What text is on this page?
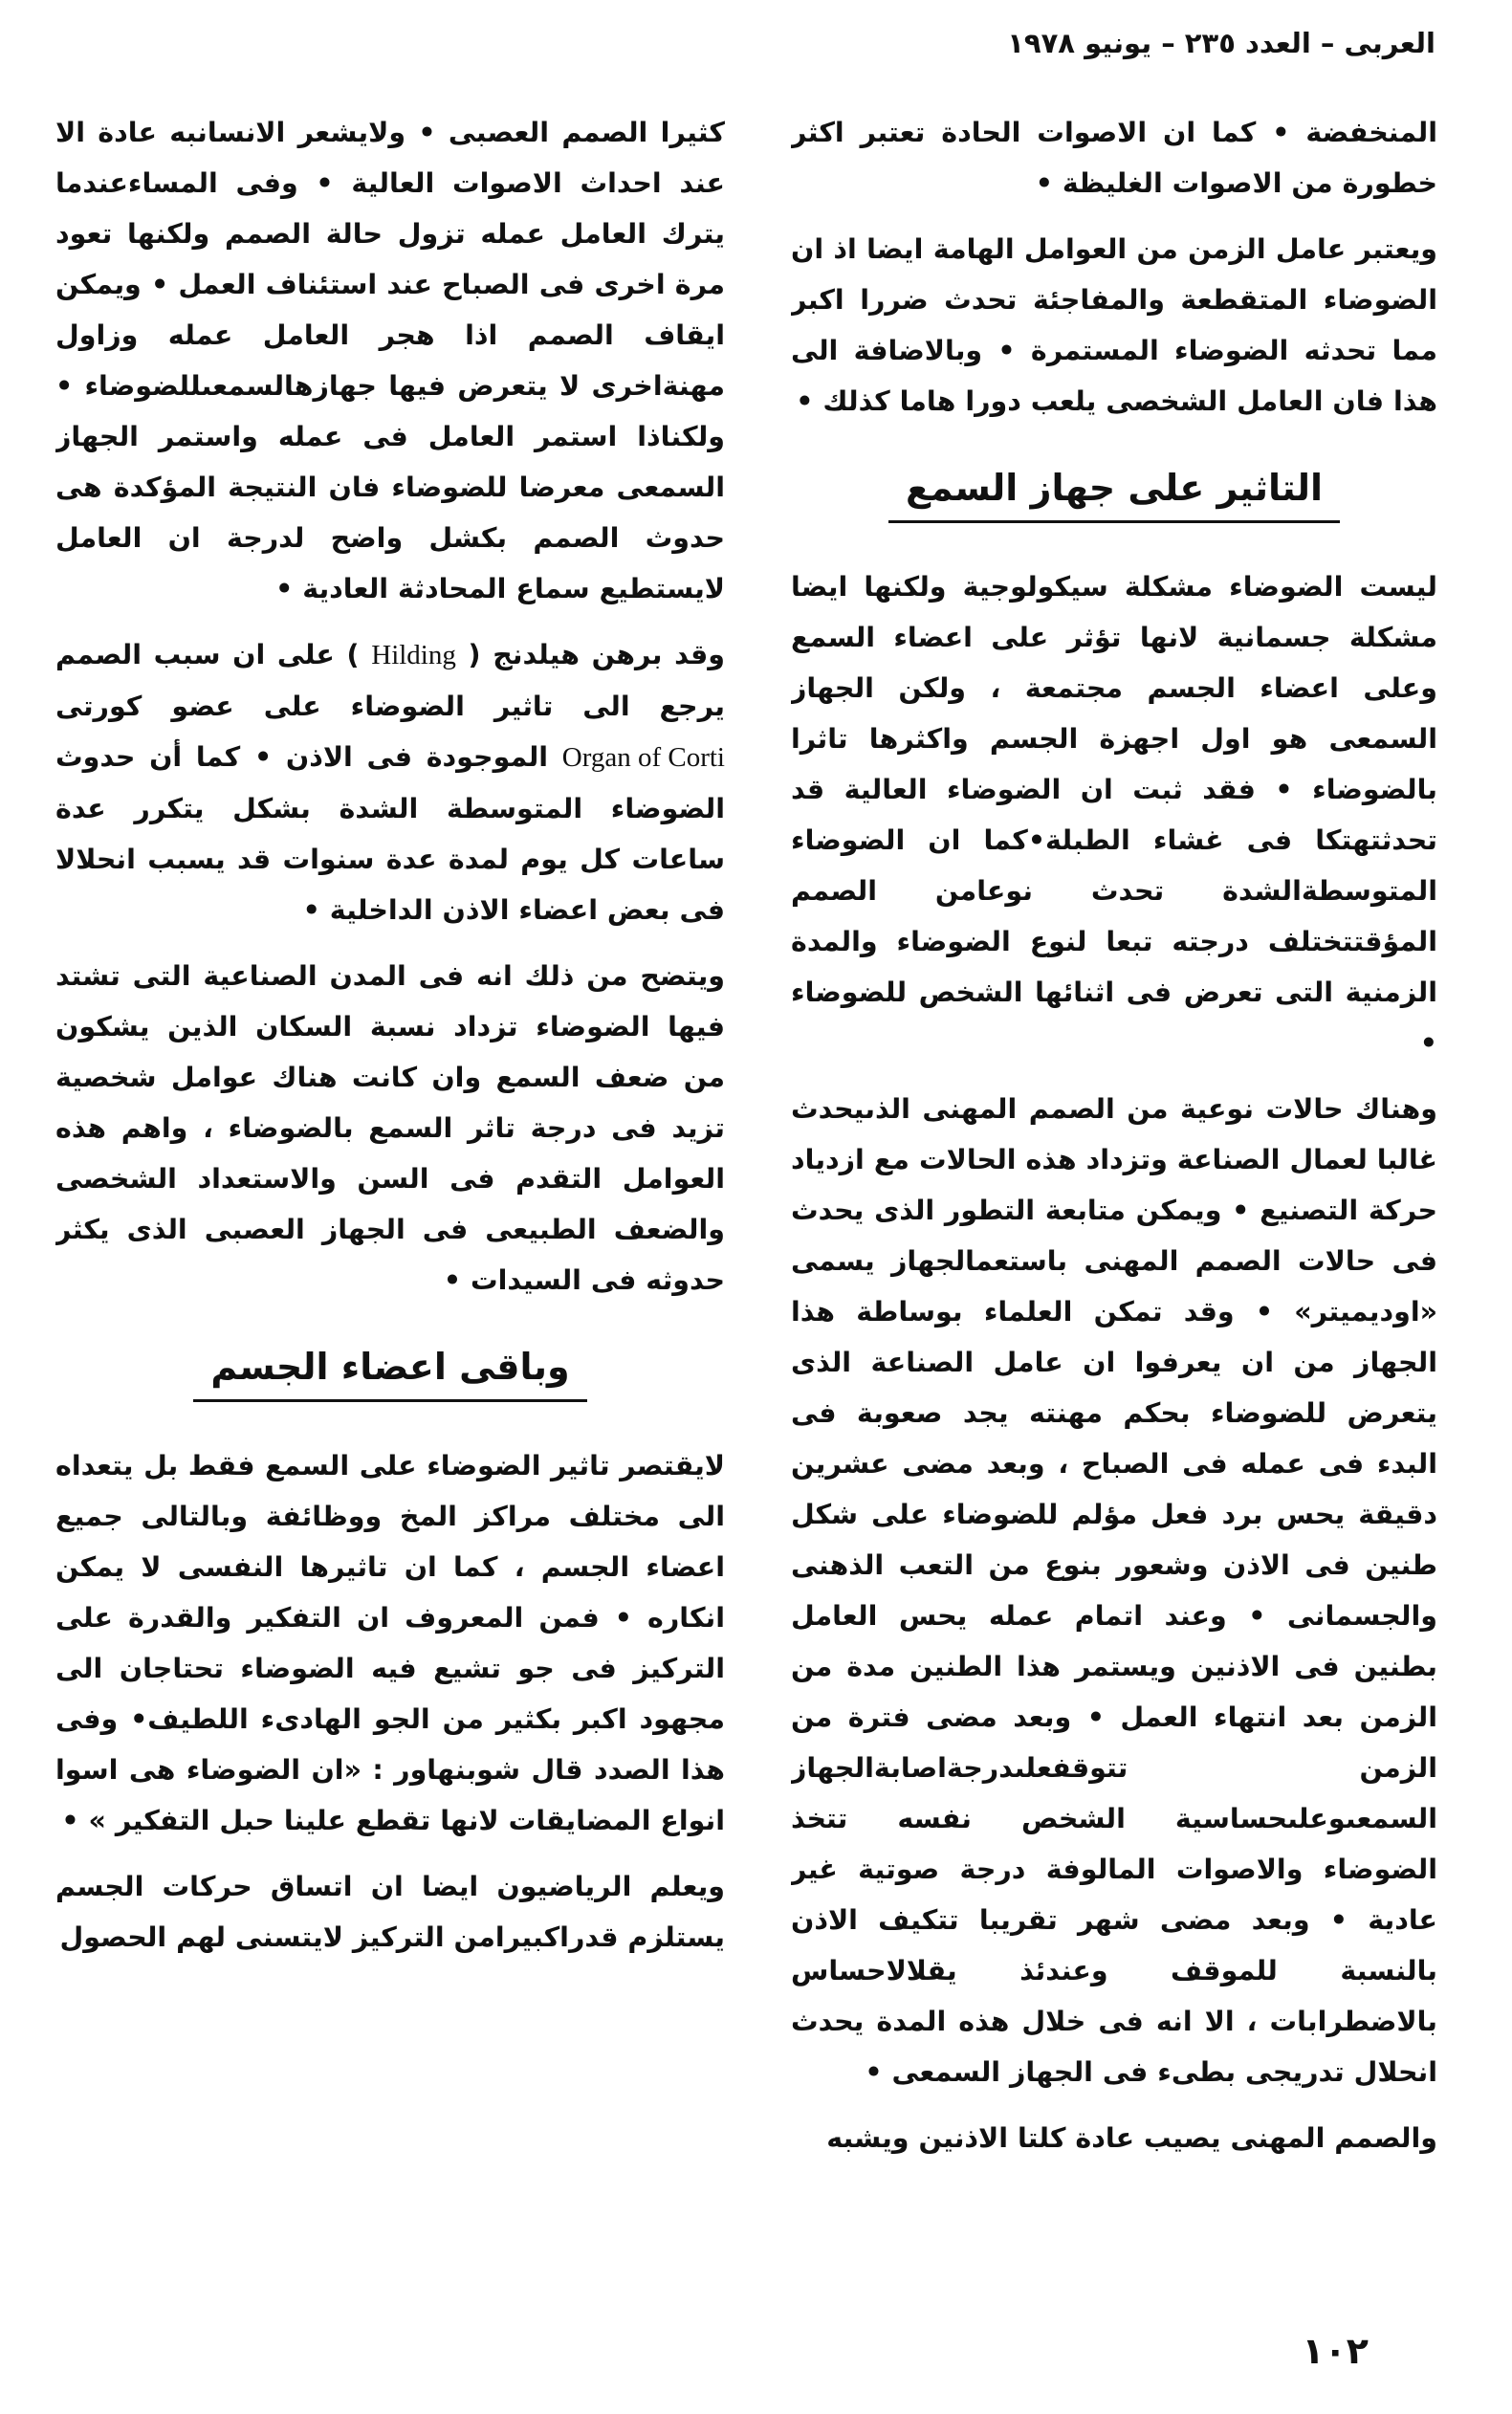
العربى – العدد ٢٣٥ – يونيو ١٩٧٨

المنخفضة • كما ان الاصوات الحادة تعتبر اكثر خطورة من الاصوات الغليظة •

ويعتبر عامل الزمن من العوامل الهامة ايضا اذ ان الضوضاء المتقطعة والمفاجئة تحدث ضررا اكبر مما تحدثه الضوضاء المستمرة • وبالاضافة الى هذا فان العامل الشخصى يلعب دورا هاما كذلك •

التاثير على جهاز السمع

ليست الضوضاء مشكلة سيكولوجية ولكنها ايضا مشكلة جسمانية لانها تؤثر على اعضاء السمع وعلى اعضاء الجسم مجتمعة ، ولكن الجهاز السمعى هو اول اجهزة الجسم واكثرها تاثرا بالضوضاء • فقد ثبت ان الضوضاء العالية قد تحدثتهتكا فى غشاء الطبلة•كما ان الضوضاء المتوسطةالشدة تحدث نوعامن الصمم المؤقتتختلف درجته تبعا لنوع الضوضاء والمدة الزمنية التى تعرض فى اثنائها الشخص للضوضاء •

وهناك حالات نوعية من الصمم المهنى الذىيحدث غالبا لعمال الصناعة وتزداد هذه الحالات مع ازدياد حركة التصنيع • ويمكن متابعة التطور الذى يحدث فى حالات الصمم المهنى باستعمالجهاز يسمى «اوديميتر» • وقد تمكن العلماء بوساطة هذا الجهاز من ان يعرفوا ان عامل الصناعة الذى يتعرض للضوضاء بحكم مهنته يجد صعوبة فى البدء فى عمله فى الصباح ، وبعد مضى عشرين دقيقة يحس برد فعل مؤلم للضوضاء على شكل طنين فى الاذن وشعور بنوع من التعب الذهنى والجسمانى • وعند اتمام عمله يحس العامل بطنين فى الاذنين ويستمر هذا الطنين مدة من الزمن بعد انتهاء العمل • وبعد مضى فترة من الزمن تتوقفعلىدرجةاصابةالجهاز السمعىوعلىحساسية الشخص نفسه تتخذ الضوضاء والاصوات المالوفة درجة صوتية غير عادية • وبعد مضى شهر تقريبا تتكيف الاذن بالنسبة للموقف وعندئذ يقلالاحساس بالاضطرابات ، الا انه فى خلال هذه المدة يحدث انحلال تدريجى بطىء فى الجهاز السمعى •

والصمم المهنى يصيب عادة كلتا الاذنين ويشبه

كثيرا الصمم العصبى • ولايشعر الانسانبه عادة الا عند احداث الاصوات العالية • وفى المساءعندما يترك العامل عمله تزول حالة الصمم ولكنها تعود مرة اخرى فى الصباح عند استئناف العمل • ويمكن ايقاف الصمم اذا هجر العامل عمله وزاول مهنةاخرى لا يتعرض فيها جهازهالسمعىللضوضاء • ولكناذا استمر العامل فى عمله واستمر الجهاز السمعى معرضا للضوضاء فان النتيجة المؤكدة هى حدوث الصمم بكشل واضح لدرجة ان العامل لايستطيع سماع المحادثة العادية •

وقد برهن هيلدنج ( Hilding ) على ان سبب الصمم يرجع الى تاثير الضوضاء على عضو كورتى Organ of Corti الموجودة فى الاذن • كما أن حدوث الضوضاء المتوسطة الشدة بشكل يتكرر عدة ساعات كل يوم لمدة عدة سنوات قد يسبب انحلالا فى بعض اعضاء الاذن الداخلية •

ويتضح من ذلك انه فى المدن الصناعية التى تشتد فيها الضوضاء تزداد نسبة السكان الذين يشكون من ضعف السمع وان كانت هناك عوامل شخصية تزيد فى درجة تاثر السمع بالضوضاء ، واهم هذه العوامل التقدم فى السن والاستعداد الشخصى والضعف الطبيعى فى الجهاز العصبى الذى يكثر حدوثه فى السيدات •

وباقى اعضاء الجسم

لايقتصر تاثير الضوضاء على السمع فقط بل يتعداه الى مختلف مراكز المخ ووظائفة وبالتالى جميع اعضاء الجسم ، كما ان تاثيرها النفسى لا يمكن انكاره • فمن المعروف ان التفكير والقدرة على التركيز فى جو تشيع فيه الضوضاء تحتاجان الى مجهود اكبر بكثير من الجو الهادىء اللطيف• وفى هذا الصدد قال شوبنهاور : «ان الضوضاء هى اسوا انواع المضايقات لانها تقطع علينا حبل التفكير » •

ويعلم الرياضيون ايضا ان اتساق حركات الجسم يستلزم قدراكبيرامن التركيز لايتسنى لهم الحصول

١٠٢
